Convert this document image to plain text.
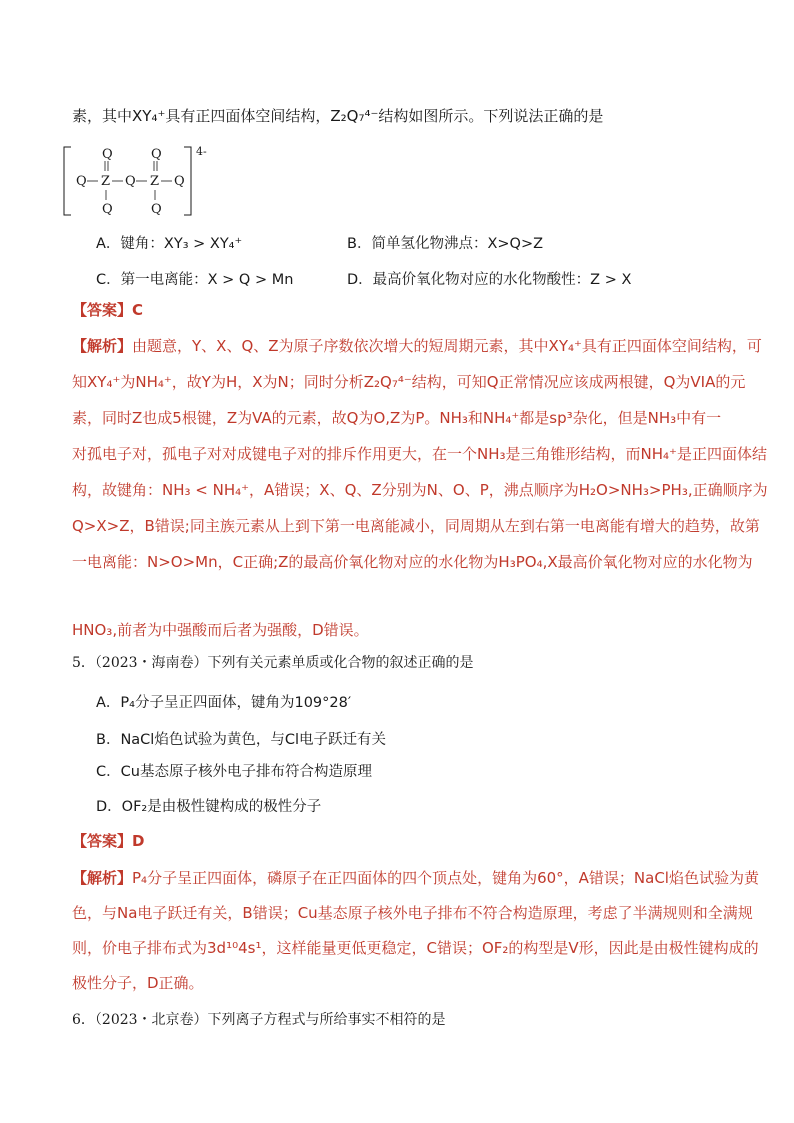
素，其中XY₄⁺具有正四面体空间结构，Z₂Q₇⁴⁻结构如图所示。下列说法正确的是
4-
Q	Q
Q Z Q Z Q
Q	Q
A．键角：XY₃ > XY₄⁺	B．简单氢化物沸点：X>Q>Z
C．第一电离能：X > Q > Mn	D．最高价氧化物对应的水化物酸性：Z > X
【答案】C
【解析】由题意，Y、X、Q、Z为原子序数依次增大的短周期元素，其中XY₄⁺具有正四面体空间结构，可
知XY₄⁺为NH₄⁺，故Y为H，X为N；同时分析Z₂Q₇⁴⁻结构，可知Q正常情况应该成两根键，Q为VIA的元
素，同时Z也成5根键，Z为VA的元素，故Q为O,Z为P。NH₃和NH₄⁺都是sp³杂化，但是NH₃中有一
对孤电子对，孤电子对对成键电子对的排斥作用更大，在一个NH₃是三角锥形结构，而NH₄⁺是正四面体结
构，故键角：NH₃ < NH₄⁺，A错误；X、Q、Z分别为N、O、P，沸点顺序为H₂O>NH₃>PH₃,正确顺序为
Q>X>Z，B错误;同主族元素从上到下第一电离能减小，同周期从左到右第一电离能有增大的趋势，故第
一电离能：N>O>Mn，C正确;Z的最高价氧化物对应的水化物为H₃PO₄,X最高价氧化物对应的水化物为
HNO₃,前者为中强酸而后者为强酸，D错误。
5．（2023・海南卷）下列有关元素单质或化合物的叙述正确的是
A．P₄分子呈正四面体，键角为109°28′
B．NaCl焰色试验为黄色，与Cl电子跃迁有关
C．Cu基态原子核外电子排布符合构造原理
D．OF₂是由极性键构成的极性分子
【答案】D
【解析】P₄分子呈正四面体，磷原子在正四面体的四个顶点处，键角为60°，A错误；NaCl焰色试验为黄
色，与Na电子跃迁有关，B错误；Cu基态原子核外电子排布不符合构造原理，考虑了半满规则和全满规
则，价电子排布式为3d¹⁰4s¹，这样能量更低更稳定，C错误；OF₂的构型是V形，因此是由极性键构成的
极性分子，D正确。
6．（2023・北京卷）下列离子方程式与所给事实不相符的是
